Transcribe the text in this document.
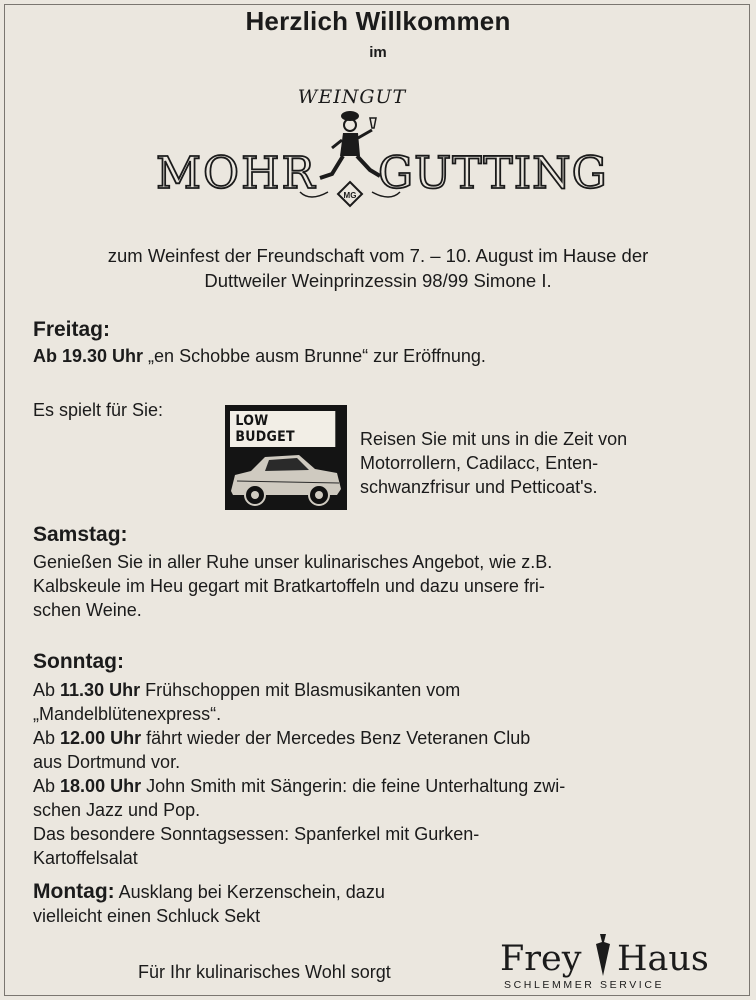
Herzlich Willkommen
im
WEINGUT
MOHR GUTTING
MG
zum Weinfest der Freundschaft vom 7. – 10. August im Hause der
Duttweiler Weinprinzessin 98/99 Simone I.
Freitag:
Ab 19.30 Uhr „en Schobbe ausm Brunne“ zur Eröffnung.
Es spielt für Sie:
LOW BUDGET	Reisen Sie mit uns in die Zeit von
Motorrollern, Cadilacc, Enten-
schwanzfrisur und Petticoat's.
Samstag:
Genießen Sie in aller Ruhe unser kulinarisches Angebot, wie z.B.
Kalbskeule im Heu gegart mit Bratkartoffeln und dazu unsere fri-
schen Weine.
Sonntag:
Ab 11.30 Uhr Frühschoppen mit Blasmusikanten vom
„Mandelblütenexpress“.
Ab 12.00 Uhr fährt wieder der Mercedes Benz Veteranen Club
aus Dortmund vor.
Ab 18.00 Uhr John Smith mit Sängerin: die feine Unterhaltung zwi-
schen Jazz und Pop.
Das besondere Sonntagsessen: Spanferkel mit Gurken-
Kartoffelsalat
Montag: Ausklang bei Kerzenschein, dazu
vielleicht einen Schluck Sekt
Für Ihr kulinarisches Wohl sorgt	Frey Haus
SCHLEMMER SERVICE
